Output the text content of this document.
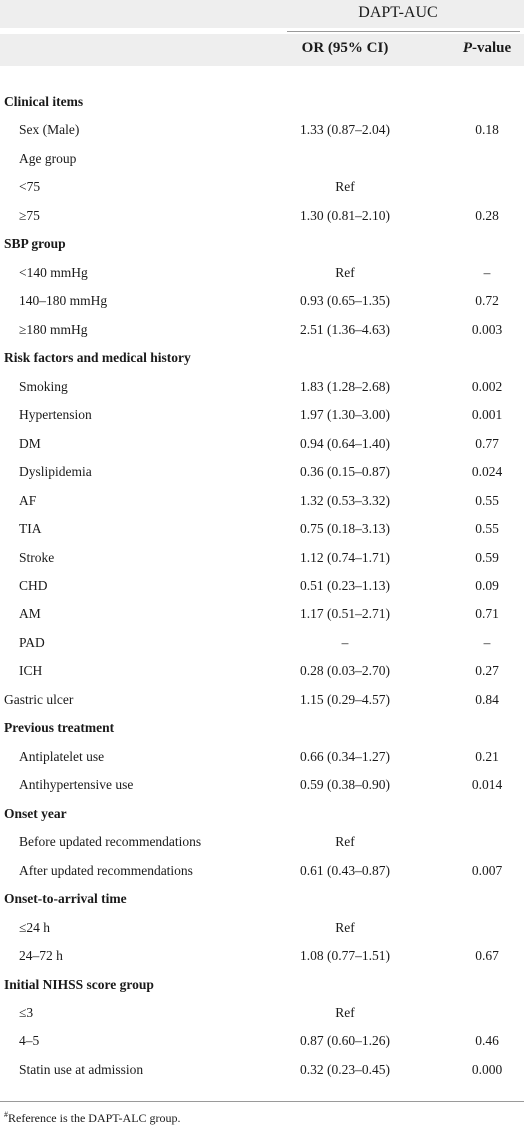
DAPT-AUC
OR (95% CI)	P-value
Clinical items
Sex (Male)	1.33 (0.87–2.04)	0.18
Age group
<75	Ref
≥75	1.30 (0.81–2.10)	0.28
SBP group
<140 mmHg	Ref	–
140–180 mmHg	0.93 (0.65–1.35)	0.72
≥180 mmHg	2.51 (1.36–4.63)	0.003
Risk factors and medical history
Smoking	1.83 (1.28–2.68)	0.002
Hypertension	1.97 (1.30–3.00)	0.001
DM	0.94 (0.64–1.40)	0.77
Dyslipidemia	0.36 (0.15–0.87)	0.024
AF	1.32 (0.53–3.32)	0.55
TIA	0.75 (0.18–3.13)	0.55
Stroke	1.12 (0.74–1.71)	0.59
CHD	0.51 (0.23–1.13)	0.09
AM	1.17 (0.51–2.71)	0.71
PAD	–	–
ICH	0.28 (0.03–2.70)	0.27
Gastric ulcer	1.15 (0.29–4.57)	0.84
Previous treatment
Antiplatelet use	0.66 (0.34–1.27)	0.21
Antihypertensive use	0.59 (0.38–0.90)	0.014
Onset year
Before updated recommendations	Ref
After updated recommendations	0.61 (0.43–0.87)	0.007
Onset-to-arrival time
≤24 h	Ref
24–72 h	1.08 (0.77–1.51)	0.67
Initial NIHSS score group
≤3	Ref
4–5	0.87 (0.60–1.26)	0.46
Statin use at admission	0.32 (0.23–0.45)	0.000
#Reference is the DAPT-ALC group.
